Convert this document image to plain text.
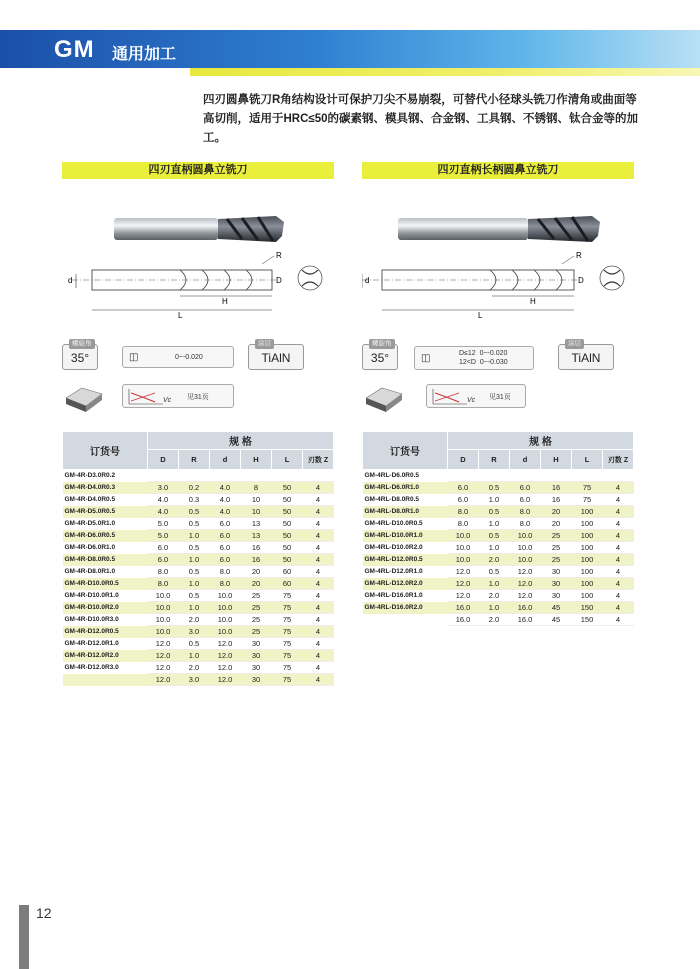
GM 通用加工
四刃圆鼻铣刀R角结构设计可保护刀尖不易崩裂，可替代小径球头铣刀作清角或曲面等高切削，适用于HRC≤50的碳素钢、模具钢、合金钢、工具钢、不锈钢、钛合金等的加工。
四刃直柄圆鼻立铣刀
R
d	D
H
L
螺旋角
35°	◫	0~-0.020
涂层
TiAlN
Vc 见31页
订货号	规 格					
	D	R	d	H	L	刃数 Z
GM-4R-D3.0R0.2						
GM-4R-D4.0R0.3	3.0	0.2	4.0	8	50	4
GM-4R-D4.0R0.5	4.0	0.3	4.0	10	50	4
GM-4R-D5.0R0.5	4.0	0.5	4.0	10	50	4
GM-4R-D5.0R1.0	5.0	0.5	6.0	13	50	4
GM-4R-D6.0R0.5	5.0	1.0	6.0	13	50	4
GM-4R-D6.0R1.0	6.0	0.5	6.0	16	50	4
GM-4R-D8.0R0.5	6.0	1.0	6.0	16	50	4
GM-4R-D8.0R1.0	8.0	0.5	8.0	20	60	4
GM-4R-D10.0R0.5	8.0	1.0	8.0	20	60	4
GM-4R-D10.0R1.0	10.0	0.5	10.0	25	75	4
GM-4R-D10.0R2.0	10.0	1.0	10.0	25	75	4
GM-4R-D10.0R3.0	10.0	2.0	10.0	25	75	4
GM-4R-D12.0R0.5	10.0	3.0	10.0	25	75	4
GM-4R-D12.0R1.0	12.0	0.5	12.0	30	75	4
GM-4R-D12.0R2.0	12.0	1.0	12.0	30	75	4
GM-4R-D12.0R3.0	12.0	2.0	12.0	30	75	4
	12.0	3.0	12.0	30	75	4
四刃直柄长柄圆鼻立铣刀
R
d	D
H
L
螺旋角
35°	◫	D≤12  0~-0.020
12<D  0~-0.030
涂层
TiAlN
Vc 见31页
订货号	规 格					
	D	R	d	H	L	刃数 Z
GM-4RL-D6.0R0.5						
GM-4RL-D6.0R1.0	6.0	0.5	6.0	16	75	4
GM-4RL-D8.0R0.5	6.0	1.0	6.0	16	75	4
GM-4RL-D8.0R1.0	8.0	0.5	8.0	20	100	4
GM-4RL-D10.0R0.5	8.0	1.0	8.0	20	100	4
GM-4RL-D10.0R1.0	10.0	0.5	10.0	25	100	4
GM-4RL-D10.0R2.0	10.0	1.0	10.0	25	100	4
GM-4RL-D12.0R0.5	10.0	2.0	10.0	25	100	4
GM-4RL-D12.0R1.0	12.0	0.5	12.0	30	100	4
GM-4RL-D12.0R2.0	12.0	1.0	12.0	30	100	4
GM-4RL-D16.0R1.0	12.0	2.0	12.0	30	100	4
GM-4RL-D16.0R2.0	16.0	1.0	16.0	45	150	4
	16.0	2.0	16.0	45	150	4
12
